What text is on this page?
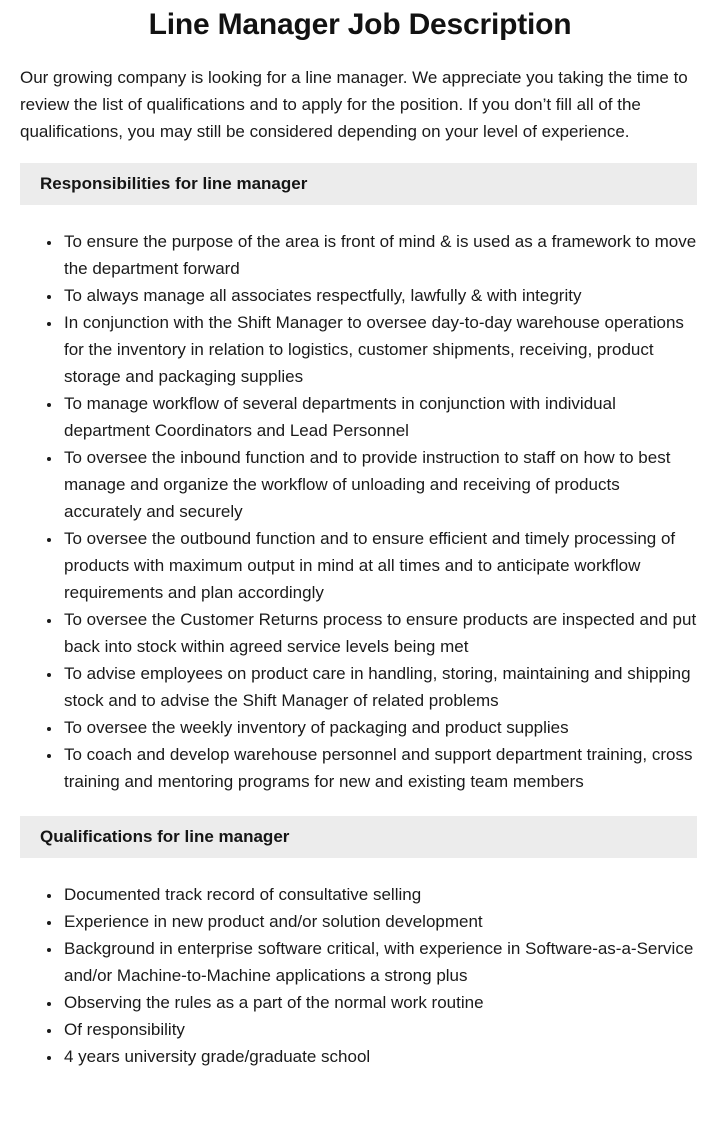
Line Manager Job Description

Our growing company is looking for a line manager. We appreciate you taking the time to review the list of qualifications and to apply for the position. If you don’t fill all of the qualifications, you may still be considered depending on your level of experience.

Responsibilities for line manager
• To ensure the purpose of the area is front of mind & is used as a framework to move the department forward
• To always manage all associates respectfully, lawfully & with integrity
• In conjunction with the Shift Manager to oversee day-to-day warehouse operations for the inventory in relation to logistics, customer shipments, receiving, product storage and packaging supplies
• To manage workflow of several departments in conjunction with individual department Coordinators and Lead Personnel
• To oversee the inbound function and to provide instruction to staff on how to best manage and organize the workflow of unloading and receiving of products accurately and securely
• To oversee the outbound function and to ensure efficient and timely processing of products with maximum output in mind at all times and to anticipate workflow requirements and plan accordingly
• To oversee the Customer Returns process to ensure products are inspected and put back into stock within agreed service levels being met
• To advise employees on product care in handling, storing, maintaining and shipping stock and to advise the Shift Manager of related problems
• To oversee the weekly inventory of packaging and product supplies
• To coach and develop warehouse personnel and support department training, cross training and mentoring programs for new and existing team members
Qualifications for line manager
• Documented track record of consultative selling
• Experience in new product and/or solution development
• Background in enterprise software critical, with experience in Software-as-a-Service and/or Machine-to-Machine applications a strong plus
• Observing the rules as a part of the normal work routine
• Of responsibility
• 4 years university grade/graduate school
